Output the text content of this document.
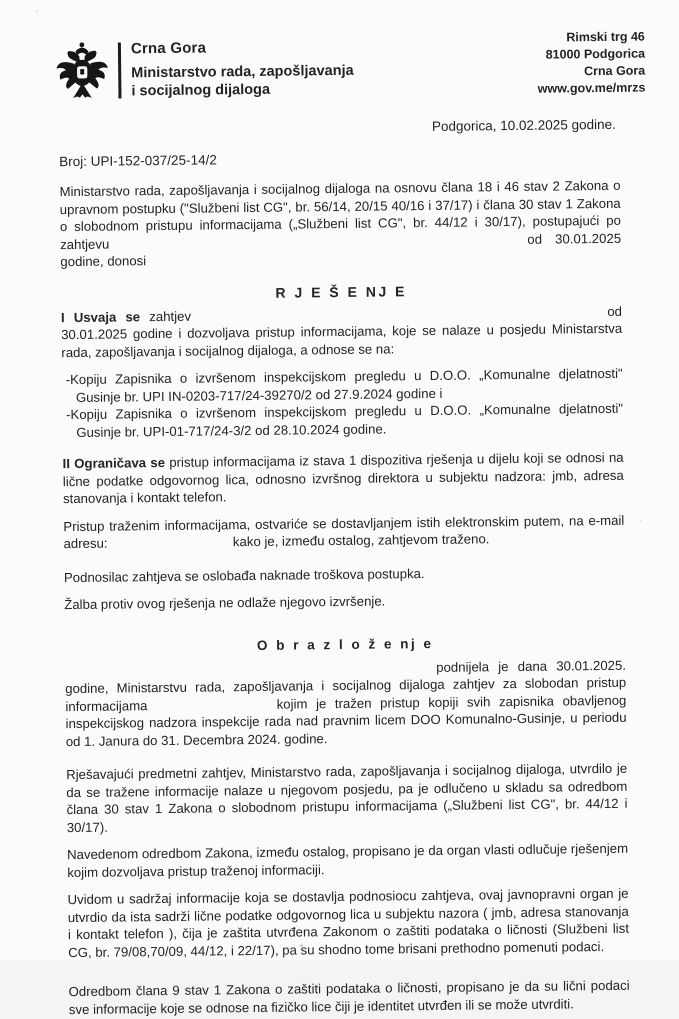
Crna Gora
Ministarstvo rada, zapošljavanja
i socijalnog dijaloga
Rimski trg 46
81000 Podgorica
Crna Gora
www.gov.me/mrzs
Podgorica, 10.02.2025 godine.
Broj: UPI-152-037/25-14/2

Ministarstvo rada, zapošljavanja i socijalnog dijaloga na osnovu člana 18 i 46 stav 2 Zakona o upravnom postupku ("Službeni list CG", br. 56/14, 20/15 40/16 i 37/17) i člana 30 stav 1 Zakona o slobodnom pristupu informacijama („Službeni list CG", br. 44/12 i 30/17), postupajući po zahtjevu	od 30.01.2025 godine, donosi

R J E Š E NJ E

I Usvaja se zahtjev	od 30.01.2025 godine i dozvoljava pristup informacijama, koje se nalaze u posjedu Ministarstva rada, zapošljavanja i socijalnog dijaloga, a odnose se na:

-Kopiju Zapisnika o izvršenom inspekcijskom pregledu u D.O.O. „Komunalne djelatnosti" Gusinje br. UPI IN-0203-717/24-39270/2 od 27.9.2024 godine i

-Kopiju Zapisnika o izvršenom inspekcijskom pregledu u D.O.O. „Komunalne djelatnosti" Gusinje br. UPI-01-717/24-3/2 od 28.10.2024 godine.

II Ograničava se pristup informacijama iz stava 1 dispozitiva rješenja u dijelu koji se odnosi na lične podatke odgovornog lica, odnosno izvršnog direktora u subjektu nadzora: jmb, adresa stanovanja i kontakt telefon.

Pristup traženim informacijama, ostvariće se dostavljanjem istih elektronskim putem, na e-mail adresu:	kako je, između ostalog, zahtjevom traženo.

Podnosilac zahtjeva se oslobađa naknade troškova postupka.

Žalba protiv ovog rješenja ne odlaže njegovo izvršenje.

O b r a z l o ž e nj e

podnijela je dana 30.01.2025. godine, Ministarstvu rada, zapošljavanja i socijalnog dijaloga zahtjev za slobodan pristup informacijama	kojim je tražen pristup kopiji svih zapisnika obavljenog inspekcijskog nadzora inspekcije rada nad pravnim licem DOO Komunalno-Gusinje, u periodu od 1. Janura do 31. Decembra 2024. godine.

Rješavajući predmetni zahtjev, Ministarstvo rada, zapošljavanja i socijalnog dijaloga, utvrdilo je da se tražene informacije nalaze u njegovom posjedu, pa je odlučeno u skladu sa odredbom člana 30 stav 1 Zakona o slobodnom pristupu informacijama („Službeni list CG", br. 44/12 i 30/17).

Navedenom odredbom Zakona, između ostalog, propisano je da organ vlasti odlučuje rješenjem kojim dozvoljava pristup traženoj informaciji.

Uvidom u sadržaj informacije koja se dostavlja podnosiocu zahtjeva, ovaj javnopravni organ je utvrdio da ista sadrži lične podatke odgovornog lica u subjektu nazora ( jmb, adresa stanovanja i kontakt telefon ), čija je zaštita utvrđena Zakonom o zaštiti podataka o ličnosti (Službeni list CG, br. 79/08,70/09, 44/12, i 22/17), pa su shodno tome brisani prethodno pomenuti podaci.

Odredbom člana 9 stav 1 Zakona o zaštiti podataka o ličnosti, propisano je da su lični podaci sve informacije koje se odnose na fizičko lice čiji je identitet utvrđen ili se može utvrditi.
